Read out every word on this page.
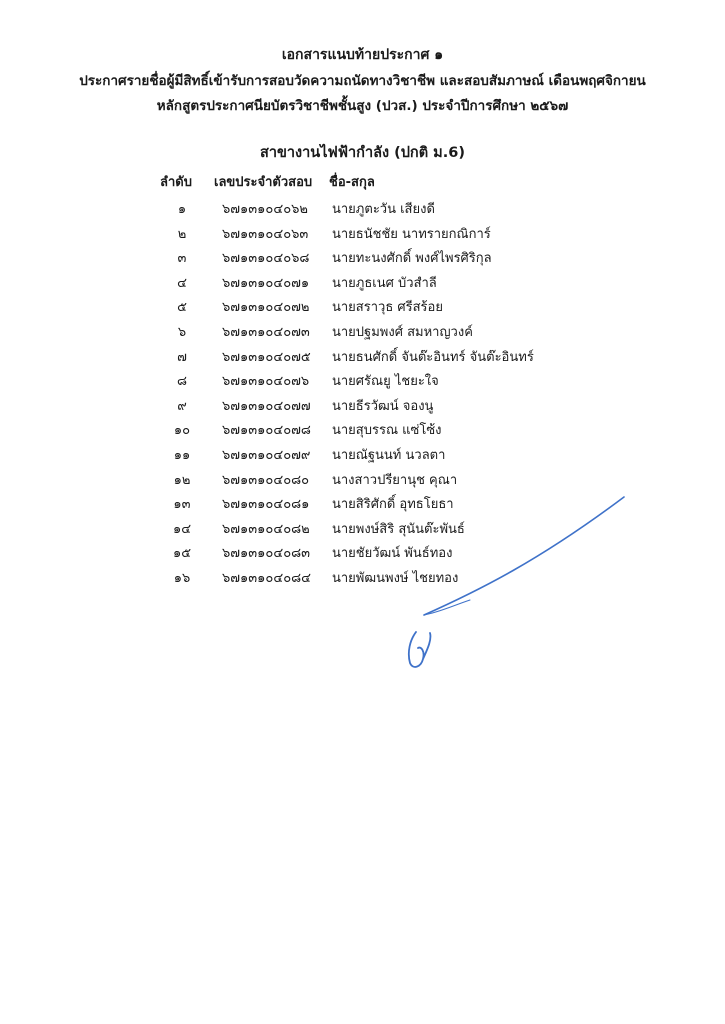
เอกสารแนบท้ายประกาศ ๑
ประกาศรายชื่อผู้มีสิทธิ์เข้ารับการสอบวัดความถนัดทางวิชาชีพ และสอบสัมภาษณ์ เดือนพฤศจิกายน
หลักสูตรประกาศนียบัตรวิชาชีพชั้นสูง (ปวส.) ประจำปีการศึกษา ๒๕๖๗
สาขางานไฟฟ้ากำลัง (ปกติ ม.6)
ลำดับ เลขประจำตัวสอบ ชื่อ-สกุล
๑	๖๗๑๓๑๐๔๐๖๒ นายภูตะวัน เสียงดี
๒	๖๗๑๓๑๐๔๐๖๓ นายธนัชชัย นาทรายกณิการ์
๓	๖๗๑๓๑๐๔๐๖๘ นายทะนงศักดิ์ พงศ์ไพรศิริกุล
๔	๖๗๑๓๑๐๔๐๗๑ นายภูธเนศ บัวสำลี
๕	๖๗๑๓๑๐๔๐๗๒ นายสราวุธ ศรีสร้อย
๖	๖๗๑๓๑๐๔๐๗๓ นายปฐมพงศ์ สมหาญวงค์
๗	๖๗๑๓๑๐๔๐๗๕ นายธนศักดิ์ จันต๊ะอินทร์ จันต๊ะอินทร์
๘	๖๗๑๓๑๐๔๐๗๖ นายศรัณยู ไชยะใจ
๙	๖๗๑๓๑๐๔๐๗๗ นายธีรวัฒน์ จองนู
๑๐ ๖๗๑๓๑๐๔๐๗๘ นายสุบรรณ แซ่โซ้ง
๑๑ ๖๗๑๓๑๐๔๐๗๙ นายณัฐนนท์ นวลตา
๑๒ ๖๗๑๓๑๐๔๐๘๐ นางสาวปรียานุช คุณา
๑๓ ๖๗๑๓๑๐๔๐๘๑ นายสิริศักดิ์ อุทธโยธา
๑๔ ๖๗๑๓๑๐๔๐๘๒ นายพงษ์สิริ สุนันต๊ะพันธ์
๑๕ ๖๗๑๓๑๐๔๐๘๓ นายชัยวัฒน์ พันธ์ทอง
๑๖ ๖๗๑๓๑๐๔๐๘๔ นายพัฒนพงษ์ ไชยทอง
